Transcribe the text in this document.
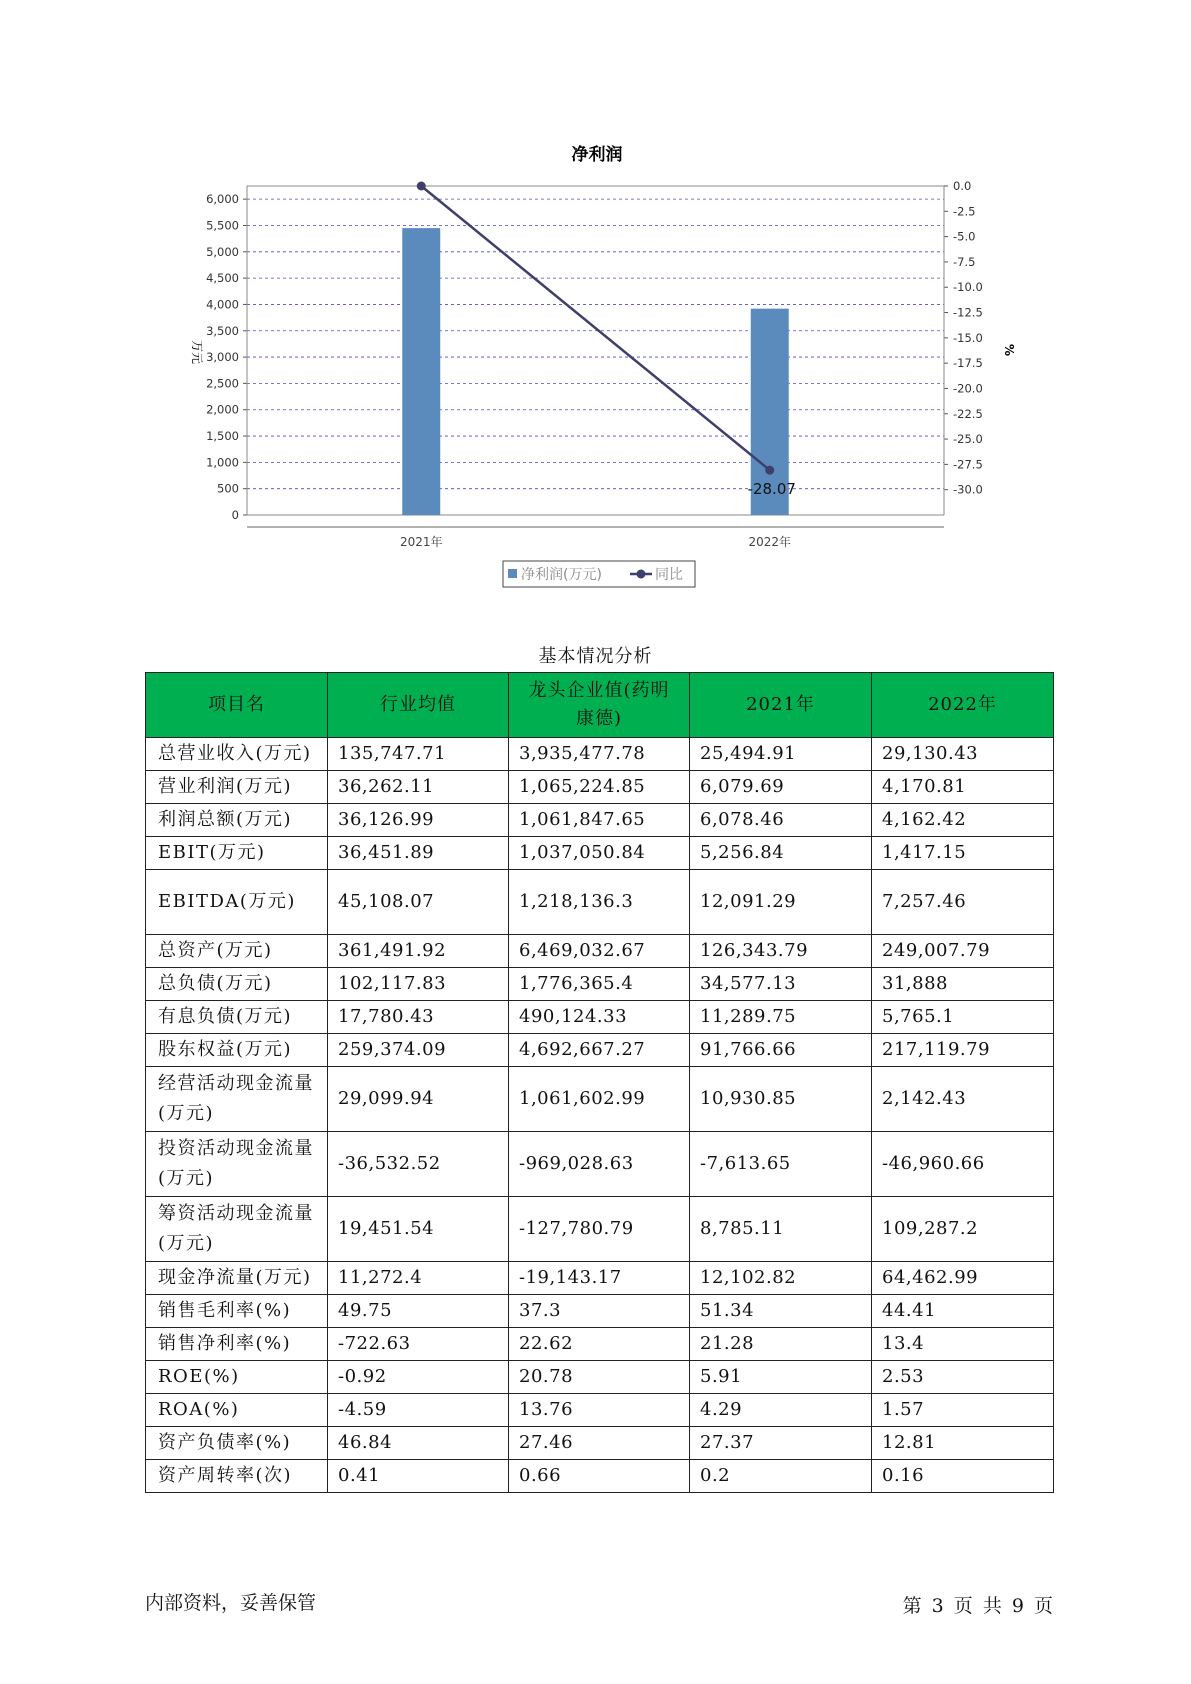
净利润
0
500
1,000
1,500
2,000
2,500
3,000
3,500
4,000
4,500
5,000
5,500
6,000
0.0
-2.5
-5.0
-7.5
-10.0
-12.5
-15.0
-17.5
-20.0
-22.5
-25.0
-27.5
-30.0
万元	%
2021年	2022年
-28.07
净利润(万元)	同比
基本情况分析
项目名	行业均值	龙头企业值(药明康德)	2021年	2022年
总营业收入(万元)	135,747.71	3,935,477.78	25,494.91	29,130.43
营业利润(万元)	36,262.11	1,065,224.85	6,079.69	4,170.81
利润总额(万元)	36,126.99	1,061,847.65	6,078.46	4,162.42
EBIT(万元)	36,451.89	1,037,050.84	5,256.84	1,417.15
EBITDA(万元)	45,108.07	1,218,136.3	12,091.29	7,257.46
总资产(万元)	361,491.92	6,469,032.67	126,343.79	249,007.79
总负债(万元)	102,117.83	1,776,365.4	34,577.13	31,888
有息负债(万元)	17,780.43	490,124.33	11,289.75	5,765.1
股东权益(万元)	259,374.09	4,692,667.27	91,766.66	217,119.79
经营活动现金流量(万元)	29,099.94	1,061,602.99	10,930.85	2,142.43
投资活动现金流量(万元)	-36,532.52	-969,028.63	-7,613.65	-46,960.66
筹资活动现金流量(万元)	19,451.54	-127,780.79	8,785.11	109,287.2
现金净流量(万元)	11,272.4	-19,143.17	12,102.82	64,462.99
销售毛利率(%)	49.75	37.3	51.34	44.41
销售净利率(%)	-722.63	22.62	21.28	13.4
ROE(%)	-0.92	20.78	5.91	2.53
ROA(%)	-4.59	13.76	4.29	1.57
资产负债率(%)	46.84	27.46	27.37	12.81
资产周转率(次)	0.41	0.66	0.2	0.16
内部资料，妥善保管	第 3 页 共 9 页
